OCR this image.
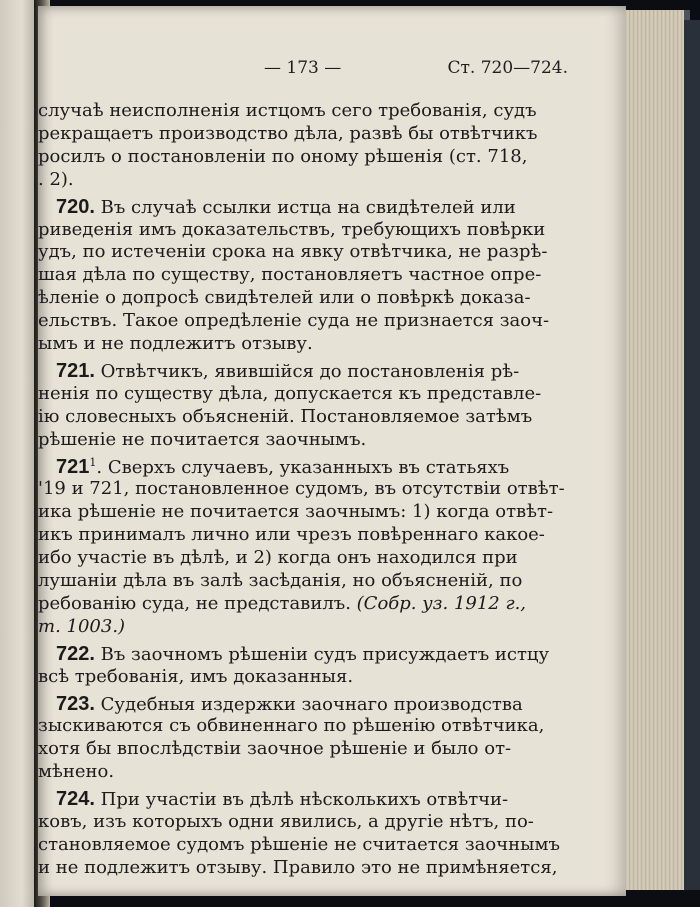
— 173 —	Ст. 720—724.
случаѣ неисполненія истцомъ сего требованія, судъ
рекращаетъ производство дѣла, развѣ бы отвѣтчикъ
росилъ о постановленіи по оному рѣшенія (ст. 718,
. 2).
720. Въ случаѣ ссылки истца на свидѣтелей или
риведенія имъ доказательствъ, требующихъ повѣрки
удъ, по истеченіи срока на явку отвѣтчика, не разрѣ-
шая дѣла по существу, постановляетъ частное опре-
ѣленіе о допросѣ свидѣтелей или о повѣркѣ доказа-
ельствъ. Такое опредѣленіе суда не признается заоч-
ымъ и не подлежитъ отзыву.
721. Отвѣтчикъ, явившійся до постановленія рѣ-
ненія по существу дѣла, допускается къ представле-
ію словесныхъ объясненій. Постановляемое затѣмъ
рѣшеніе не почитается заочнымъ.
$721^1$. Сверхъ случаевъ, указанныхъ въ статьяхъ
'19 и 721, постановленное судомъ, въ отсутствіи отвѣт-
ика рѣшеніе не почитается заочнымъ: 1) когда отвѣт-
икъ принималъ лично или чрезъ повѣреннаго какое-
ибо участіе въ дѣлѣ, и 2) когда онъ находился при
лушаніи дѣла въ залѣ засѣданія, но объясненій, по
ребованію суда, не представилъ. (Собр. уз. 1912 г.,
т. 1003.)
722. Въ заочномъ рѣшеніи судъ присуждаетъ истцу
всѣ требованія, имъ доказанныя.
723. Судебныя издержки заочнаго производства
зыскиваются съ обвиненнаго по рѣшенію отвѣтчика,
хотя бы впослѣдствіи заочное рѣшеніе и было от-
мѣнено.
724. При участіи въ дѣлѣ нѣсколькихъ отвѣтчи-
ковъ, изъ которыхъ одни явились, а другіе нѣтъ, по-
становляемое судомъ рѣшеніе не считается заочнымъ
и не подлежитъ отзыву. Правило это не примѣняется,
